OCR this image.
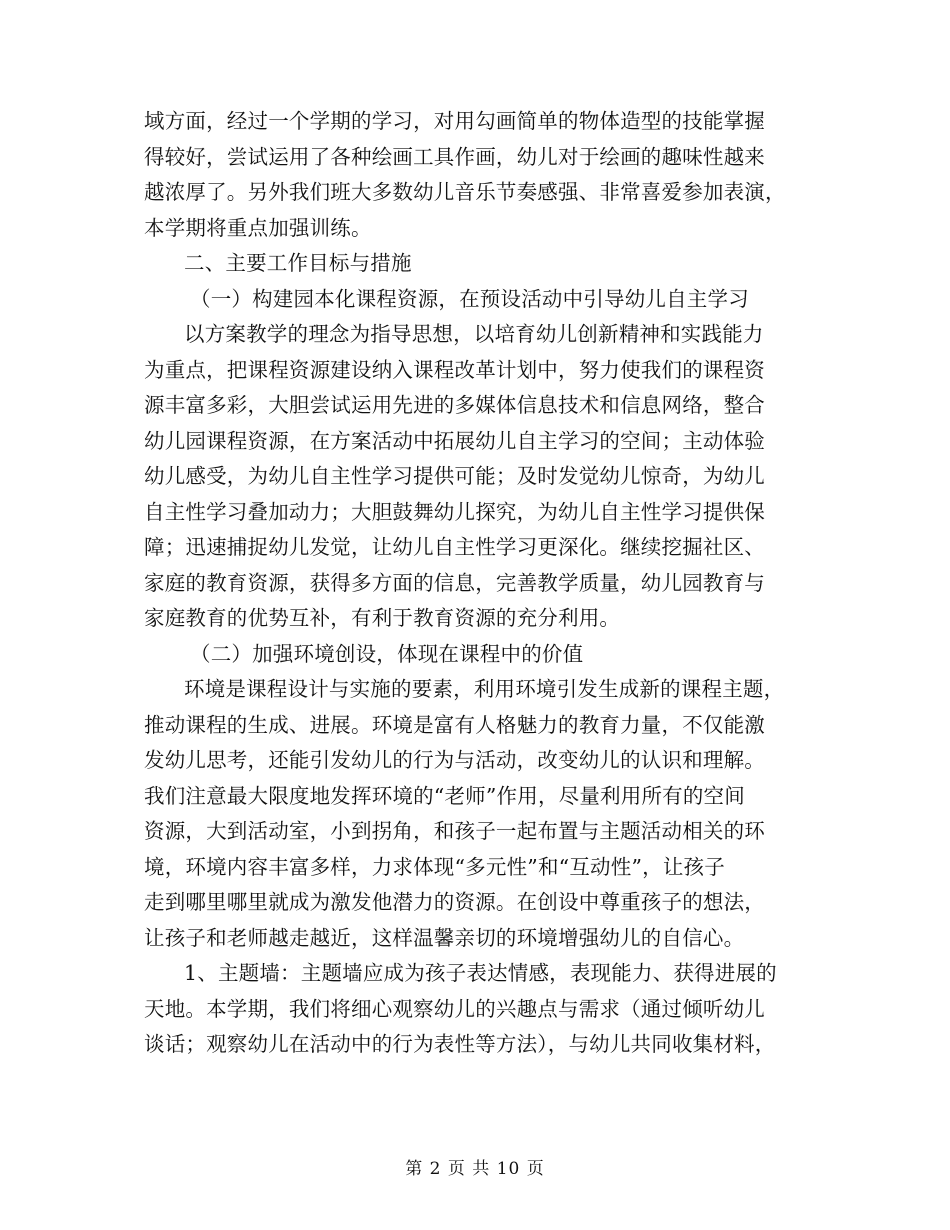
域方面，经过一个学期的学习，对用勾画简单的物体造型的技能掌握
得较好，尝试运用了各种绘画工具作画，幼儿对于绘画的趣味性越来
越浓厚了。另外我们班大多数幼儿音乐节奏感强、非常喜爱参加表演，
本学期将重点加强训练。
二、主要工作目标与措施
（一）构建园本化课程资源，在预设活动中引导幼儿自主学习
以方案教学的理念为指导思想，以培育幼儿创新精神和实践能力
为重点，把课程资源建设纳入课程改革计划中，努力使我们的课程资
源丰富多彩，大胆尝试运用先进的多媒体信息技术和信息网络，整合
幼儿园课程资源，在方案活动中拓展幼儿自主学习的空间；主动体验
幼儿感受，为幼儿自主性学习提供可能；及时发觉幼儿惊奇，为幼儿
自主性学习叠加动力；大胆鼓舞幼儿探究，为幼儿自主性学习提供保
障；迅速捕捉幼儿发觉，让幼儿自主性学习更深化。继续挖掘社区、
家庭的教育资源，获得多方面的信息，完善教学质量，幼儿园教育与
家庭教育的优势互补，有利于教育资源的充分利用。
（二）加强环境创设，体现在课程中的价值
环境是课程设计与实施的要素，利用环境引发生成新的课程主题，
推动课程的生成、进展。环境是富有人格魅力的教育力量，不仅能激
发幼儿思考，还能引发幼儿的行为与活动，改变幼儿的认识和理解。
我们注意最大限度地发挥环境的“老师”作用，尽量利用所有的空间
资源，大到活动室，小到拐角，和孩子一起布置与主题活动相关的环
境，环境内容丰富多样，力求体现“多元性”和“互动性”，让孩子
走到哪里哪里就成为激发他潜力的资源。在创设中尊重孩子的想法，
让孩子和老师越走越近，这样温馨亲切的环境增强幼儿的自信心。
1、主题墙：主题墙应成为孩子表达情感，表现能力、获得进展的
天地。本学期，我们将细心观察幼儿的兴趣点与需求（通过倾听幼儿
谈话；观察幼儿在活动中的行为表性等方法），与幼儿共同收集材料，
第 2 页 共 10 页
